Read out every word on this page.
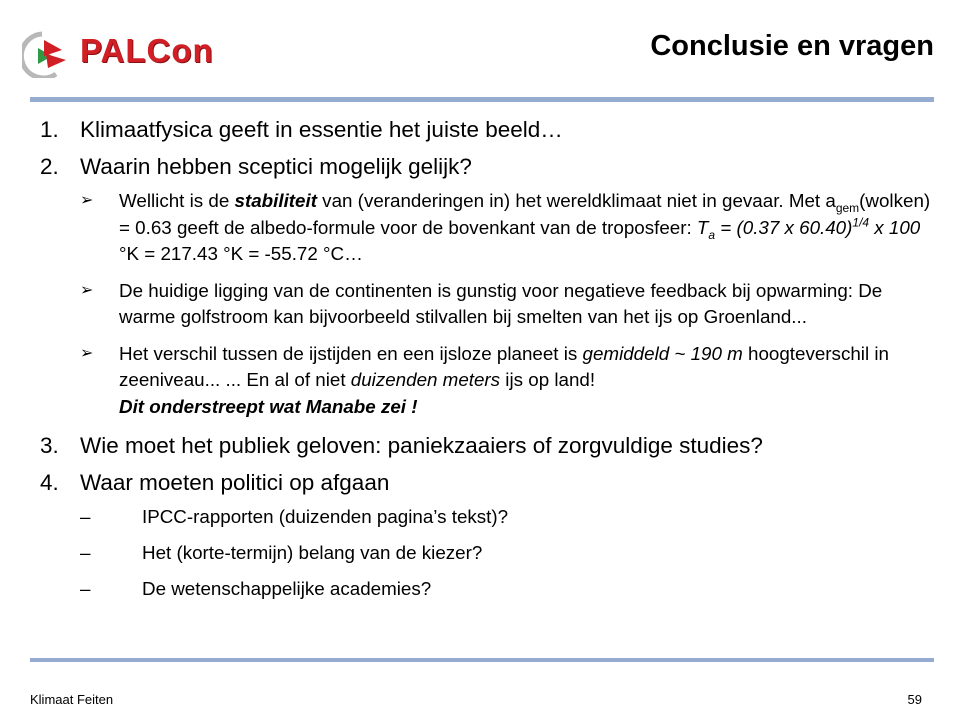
PALCon	Conclusie en vragen
1. Klimaatfysica geeft in essentie het juiste beeld…
2. Waarin hebben sceptici mogelijk gelijk?
➢ Wellicht is de stabiliteit van (veranderingen in) het wereldklimaat niet in gevaar. Met $a_{gem}(wolken) = 0.63$ geeft de albedo-formule voor de bovenkant van de troposfeer: $T_a = (0.37$ x 60.40)$^{1/4}$ x 100 °K = 217.43 °K = -55.72 °C…
➢ De huidige ligging van de continenten is gunstig voor negatieve feedback bij opwarming: De warme golfstroom kan bijvoorbeeld stilvallen bij smelten van het ijs op Groenland...
➢ Het verschil tussen de ijstijden en een ijsloze planeet is gemiddeld ~ 190 m hoogteverschil in zeeniveau... ... En al of niet duizenden meters ijs op land!
Dit onderstreept wat Manabe zei !
3. Wie moet het publiek geloven: paniekzaaiers of zorgvuldige studies?
4. Waar moeten politici op afgaan
–	IPCC-rapporten (duizenden pagina’s tekst)?
–	Het (korte-termijn) belang van de kiezer?
–	De wetenschappelijke academies?
Klimaat Feiten	59
